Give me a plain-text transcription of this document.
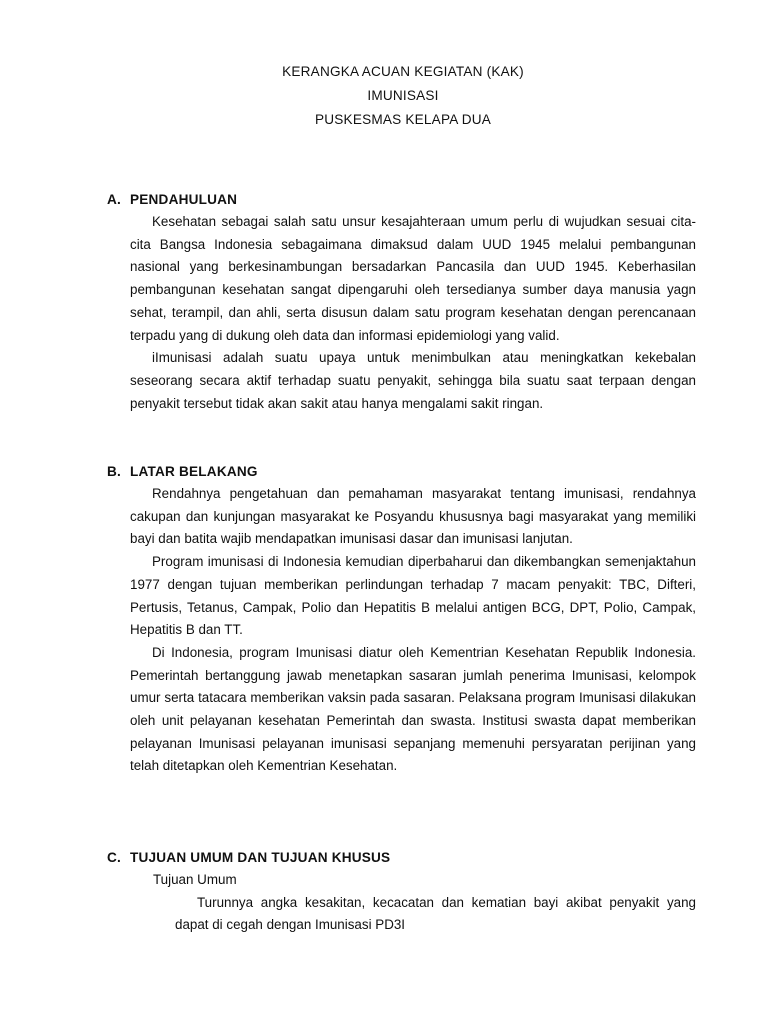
KERANGKA ACUAN KEGIATAN (KAK)
IMUNISASI
PUSKESMAS KELAPA DUA
A. PENDAHULUAN

Kesehatan sebagai salah satu unsur kesajahteraan umum perlu di wujudkan sesuai cita-cita Bangsa Indonesia sebagaimana dimaksud dalam UUD 1945 melalui pembangunan nasional yang berkesinambungan bersadarkan Pancasila dan UUD 1945. Keberhasilan pembangunan kesehatan sangat dipengaruhi oleh tersedianya sumber daya manusia yagn sehat, terampil, dan ahli, serta disusun dalam satu program kesehatan dengan perencanaan terpadu yang di dukung oleh data dan informasi epidemiologi yang valid.

iImunisasi adalah suatu upaya untuk menimbulkan atau meningkatkan kekebalan seseorang secara aktif terhadap suatu penyakit, sehingga bila suatu saat terpaan dengan penyakit tersebut tidak akan sakit atau hanya mengalami sakit ringan.

B. LATAR BELAKANG

Rendahnya pengetahuan dan pemahaman masyarakat tentang imunisasi, rendahnya cakupan dan kunjungan masyarakat ke Posyandu khususnya bagi masyarakat yang memiliki bayi dan batita wajib mendapatkan imunisasi dasar dan imunisasi lanjutan.

Program imunisasi di Indonesia kemudian diperbaharui dan dikembangkan semenjaktahun 1977 dengan tujuan memberikan perlindungan terhadap 7 macam penyakit: TBC, Difteri, Pertusis, Tetanus, Campak, Polio dan Hepatitis B melalui antigen BCG, DPT, Polio, Campak, Hepatitis B dan TT.

Di Indonesia, program Imunisasi diatur oleh Kementrian Kesehatan Republik Indonesia. Pemerintah bertanggung jawab menetapkan sasaran jumlah penerima Imunisasi, kelompok umur serta tatacara memberikan vaksin pada sasaran. Pelaksana program Imunisasi dilakukan oleh unit pelayanan kesehatan Pemerintah dan swasta. Institusi swasta dapat memberikan pelayanan Imunisasi pelayanan imunisasi sepanjang memenuhi persyaratan perijinan yang telah ditetapkan oleh Kementrian Kesehatan.

C. TUJUAN UMUM DAN TUJUAN KHUSUS
Tujuan Umum

Turunnya angka kesakitan, kecacatan dan kematian bayi akibat penyakit yang dapat di cegah dengan Imunisasi PD3I
